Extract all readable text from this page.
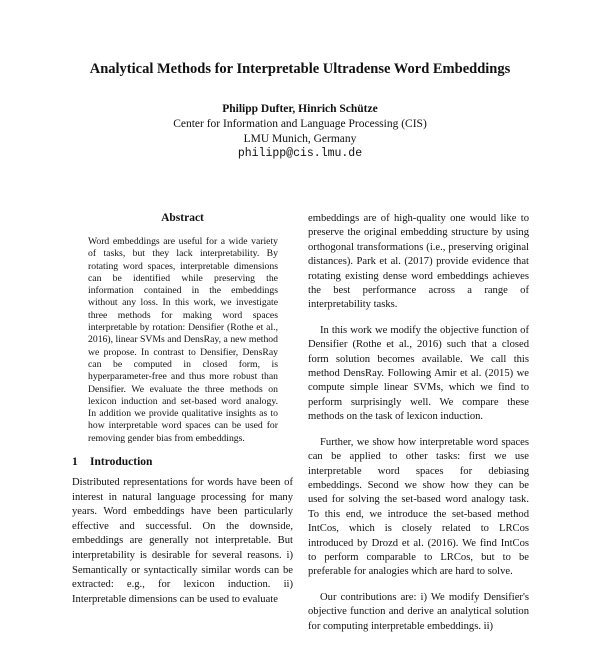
Analytical Methods for Interpretable Ultradense Word Embeddings
Philipp Dufter, Hinrich Schütze
Center for Information and Language Processing (CIS)
LMU Munich, Germany
philipp@cis.lmu.de
Abstract
Word embeddings are useful for a wide variety of tasks, but they lack interpretability. By rotating word spaces, interpretable dimensions can be identified while preserving the information contained in the embeddings without any loss. In this work, we investigate three methods for making word spaces interpretable by rotation: Densifier (Rothe et al., 2016), linear SVMs and DensRay, a new method we propose. In contrast to Densifier, DensRay can be computed in closed form, is hyperparameter-free and thus more robust than Densifier. We evaluate the three methods on lexicon induction and set-based word analogy. In addition we provide qualitative insights as to how interpretable word spaces can be used for removing gender bias from embeddings.
1 Introduction
Distributed representations for words have been of interest in natural language processing for many years. Word embeddings have been particularly effective and successful. On the downside, embeddings are generally not interpretable. But interpretability is desirable for several reasons. i) Semantically or syntactically similar words can be extracted: e.g., for lexicon induction. ii) Interpretable dimensions can be used to evaluate

embeddings are of high-quality one would like to preserve the original embedding structure by using orthogonal transformations (i.e., preserving original distances). Park et al. (2017) provide evidence that rotating existing dense word embeddings achieves the best performance across a range of interpretability tasks.

In this work we modify the objective function of Densifier (Rothe et al., 2016) such that a closed form solution becomes available. We call this method DensRay. Following Amir et al. (2015) we compute simple linear SVMs, which we find to perform surprisingly well. We compare these methods on the task of lexicon induction.

Further, we show how interpretable word spaces can be applied to other tasks: first we use interpretable word spaces for debiasing embeddings. Second we show how they can be used for solving the set-based word analogy task. To this end, we introduce the set-based method IntCos, which is closely related to LRCos introduced by Drozd et al. (2016). We find IntCos to perform comparable to LRCos, but to be preferable for analogies which are hard to solve.

Our contributions are: i) We modify Densifier's objective function and derive an analytical solution for computing interpretable embeddings. ii)
